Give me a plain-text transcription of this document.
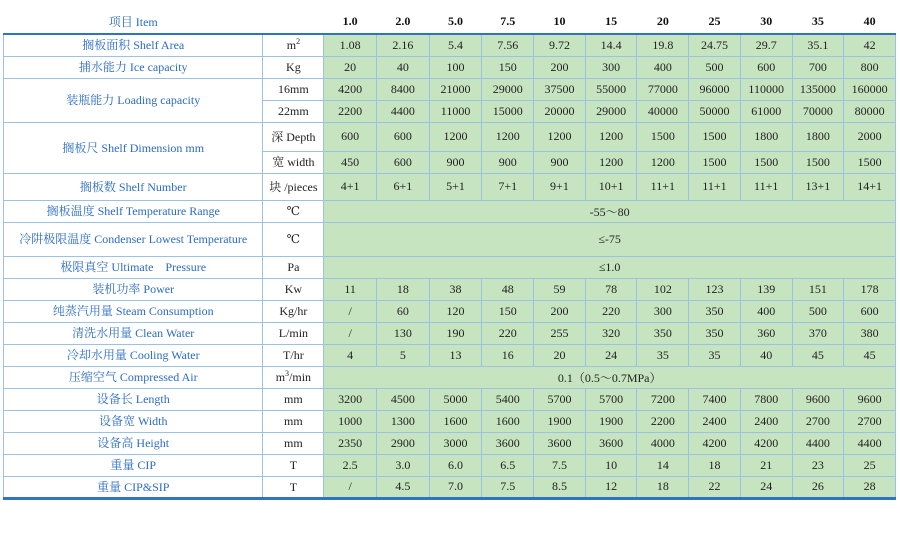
项目 Item		1.0	2.0	5.0	7.5	10	15	20	25	30	35	40
搁板面积 Shelf Area	$m^2$	1.08	2.16	5.4	7.56	9.72	14.4	19.8	24.75	29.7	35.1	42
捕水能力 Ice capacity	Kg	20	40	100	150	200	300	400	500	600	700	800
装瓶能力 Loading capacity	16mm	4200	8400	21000	29000	37500	55000	77000	96000	110000	135000	160000
	22mm	2200	4400	11000	15000	20000	29000	40000	50000	61000	70000	80000
搁板尺 Shelf Dimension mm	深 Depth	600	600	1200	1200	1200	1200	1500	1500	1800	1800	2000
	宽 width	450	600	900	900	900	1200	1200	1500	1500	1500	1500
搁板数 Shelf Number	块 /pieces	4+1	6+1	5+1	7+1	9+1	10+1	11+1	11+1	11+1	13+1	14+1
搁板温度 Shelf Temperature Range	℃	-55～80										
冷阱极限温度 Condenser Lowest Temperature	℃	≤-75										
极限真空 Ultimate　Pressure	Pa	≤1.0										
装机功率 Power	Kw	11	18	38	48	59	78	102	123	139	151	178
纯蒸汽用量 Steam Consumption	Kg/hr	/	60	120	150	200	220	300	350	400	500	600
清洗水用量 Clean Water	L/min	/	130	190	220	255	320	350	350	360	370	380
冷却水用量 Cooling Water	T/hr	4	5	13	16	20	24	35	35	40	45	45
压缩空气 Compressed Air	$m^3/\min$	0.1（0.5～0.7MPa）										
设备长 Length	mm	3200	4500	5000	5400	5700	5700	7200	7400	7800	9600	9600
设备宽 Width	mm	1000	1300	1600	1600	1900	1900	2200	2400	2400	2700	2700
设备高 Height	mm	2350	2900	3000	3600	3600	3600	4000	4200	4200	4400	4400
重量 CIP	T	2.5	3.0	6.0	6.5	7.5	10	14	18	21	23	25
重量 CIP&SIP	T	/	4.5	7.0	7.5	8.5	12	18	22	24	26	28
